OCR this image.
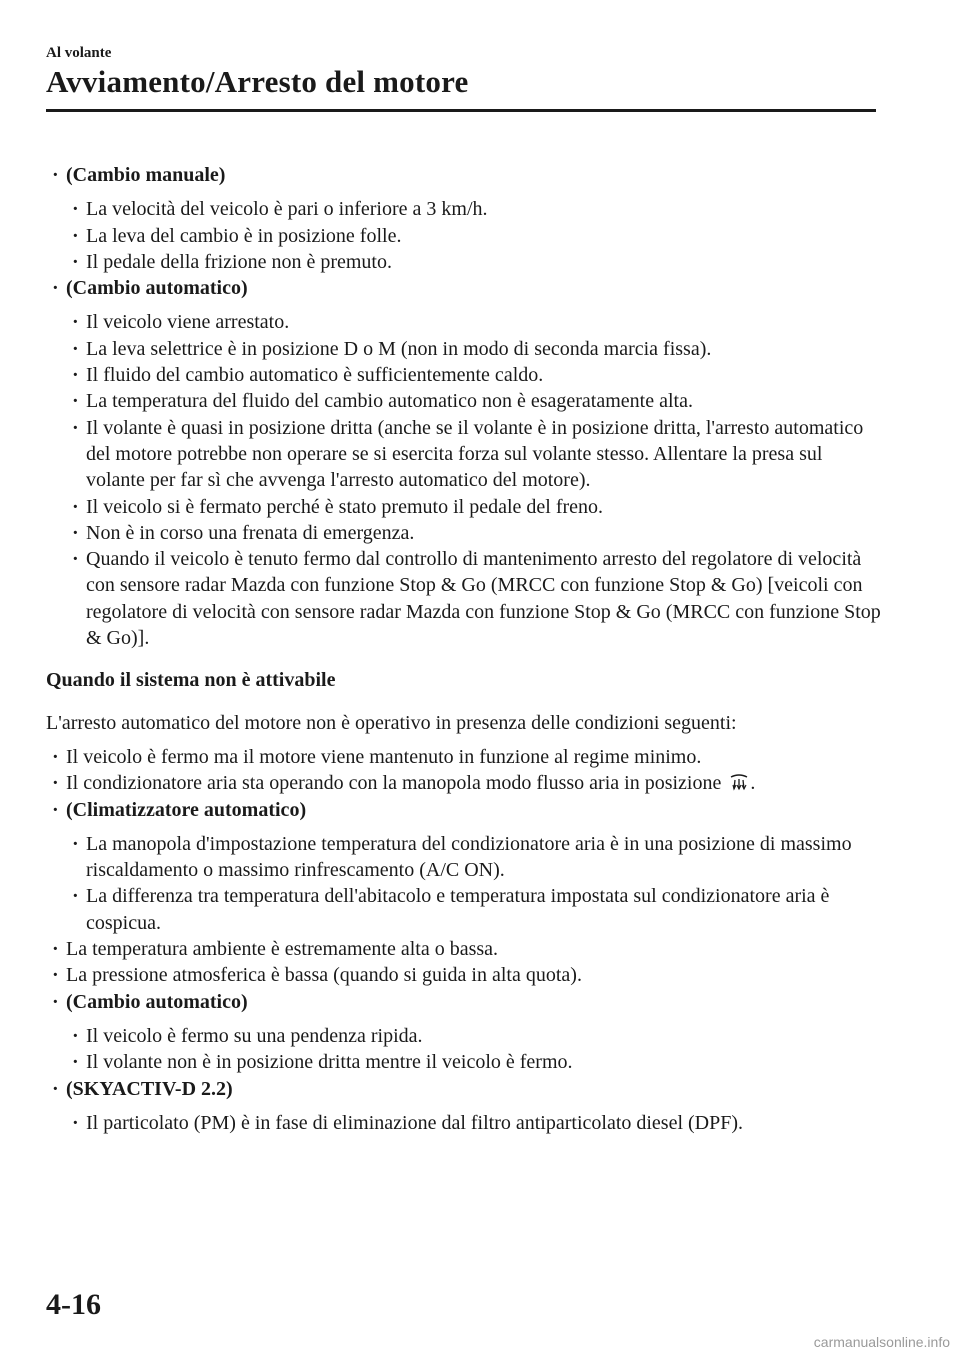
Al volante
Avviamento/Arresto del motore
· (Cambio manuale)
· La velocità del veicolo è pari o inferiore a 3 km/h.
· La leva del cambio è in posizione folle.
· Il pedale della frizione non è premuto.
· (Cambio automatico)
· Il veicolo viene arrestato.
· La leva selettrice è in posizione D o M (non in modo di seconda marcia fissa).
· Il fluido del cambio automatico è sufficientemente caldo.
· La temperatura del fluido del cambio automatico non è esageratamente alta.
· Il volante è quasi in posizione dritta (anche se il volante è in posizione dritta, l'arresto automatico del motore potrebbe non operare se si esercita forza sul volante stesso. Allentare la presa sul volante per far sì che avvenga l'arresto automatico del motore).
· Il veicolo si è fermato perché è stato premuto il pedale del freno.
· Non è in corso una frenata di emergenza.
· Quando il veicolo è tenuto fermo dal controllo di mantenimento arresto del regolatore di velocità con sensore radar Mazda con funzione Stop & Go (MRCC con funzione Stop & Go) [veicoli con regolatore di velocità con sensore radar Mazda con funzione Stop & Go (MRCC con funzione Stop & Go)].
Quando il sistema non è attivabile
L'arresto automatico del motore non è operativo in presenza delle condizioni seguenti:
· Il veicolo è fermo ma il motore viene mantenuto in funzione al regime minimo.
· Il condizionatore aria sta operando con la manopola modo flusso aria in posizione .
· (Climatizzatore automatico)
· La manopola d'impostazione temperatura del condizionatore aria è in una posizione di massimo riscaldamento o massimo rinfrescamento (A/C ON).
· La differenza tra temperatura dell'abitacolo e temperatura impostata sul condizionatore aria è cospicua.
· La temperatura ambiente è estremamente alta o bassa.
· La pressione atmosferica è bassa (quando si guida in alta quota).
· (Cambio automatico)
· Il veicolo è fermo su una pendenza ripida.
· Il volante non è in posizione dritta mentre il veicolo è fermo.
· (SKYACTIV-D 2.2)
· Il particolato (PM) è in fase di eliminazione dal filtro antiparticolato diesel (DPF).
4-16
carmanualsonline.info
